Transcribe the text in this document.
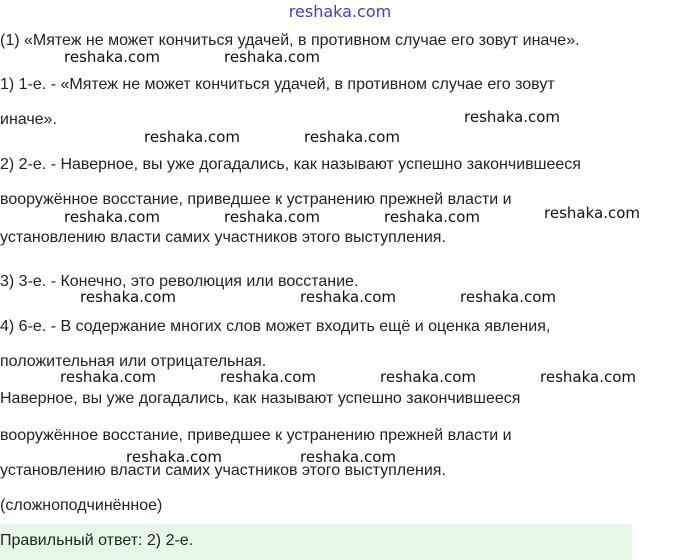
reshaka.com
(1) «Мятеж не может кончиться удачей, в противном случае его зовут иначе».
1) 1-е. - «Мятеж не может кончиться удачей, в противном случае его зовут
иначе».
2) 2-е. - Наверное, вы уже догадались, как называют успешно закончившееся
вооружённое восстание, приведшее к устранению прежней власти и
установлению власти самих участников этого выступления.
3) 3-е. - Конечно, это революция или восстание.
4) 6-е. - В содержание многих слов может входить ещё и оценка явления,
положительная или отрицательная.
Наверное, вы уже догадались, как называют успешно закончившееся
вооружённое восстание, приведшее к устранению прежней власти и
установлению власти самих участников этого выступления.
(сложноподчинённое)
Правильный ответ: 2) 2-е.
reshaka.com	reshaka.com
reshaka.com
reshaka.com	reshaka.com
reshaka.com
reshaka.com	reshaka.com	reshaka.com
reshaka.com	reshaka.com	reshaka.com
reshaka.com	reshaka.com	reshaka.com	reshaka.com
reshaka.com	reshaka.com
